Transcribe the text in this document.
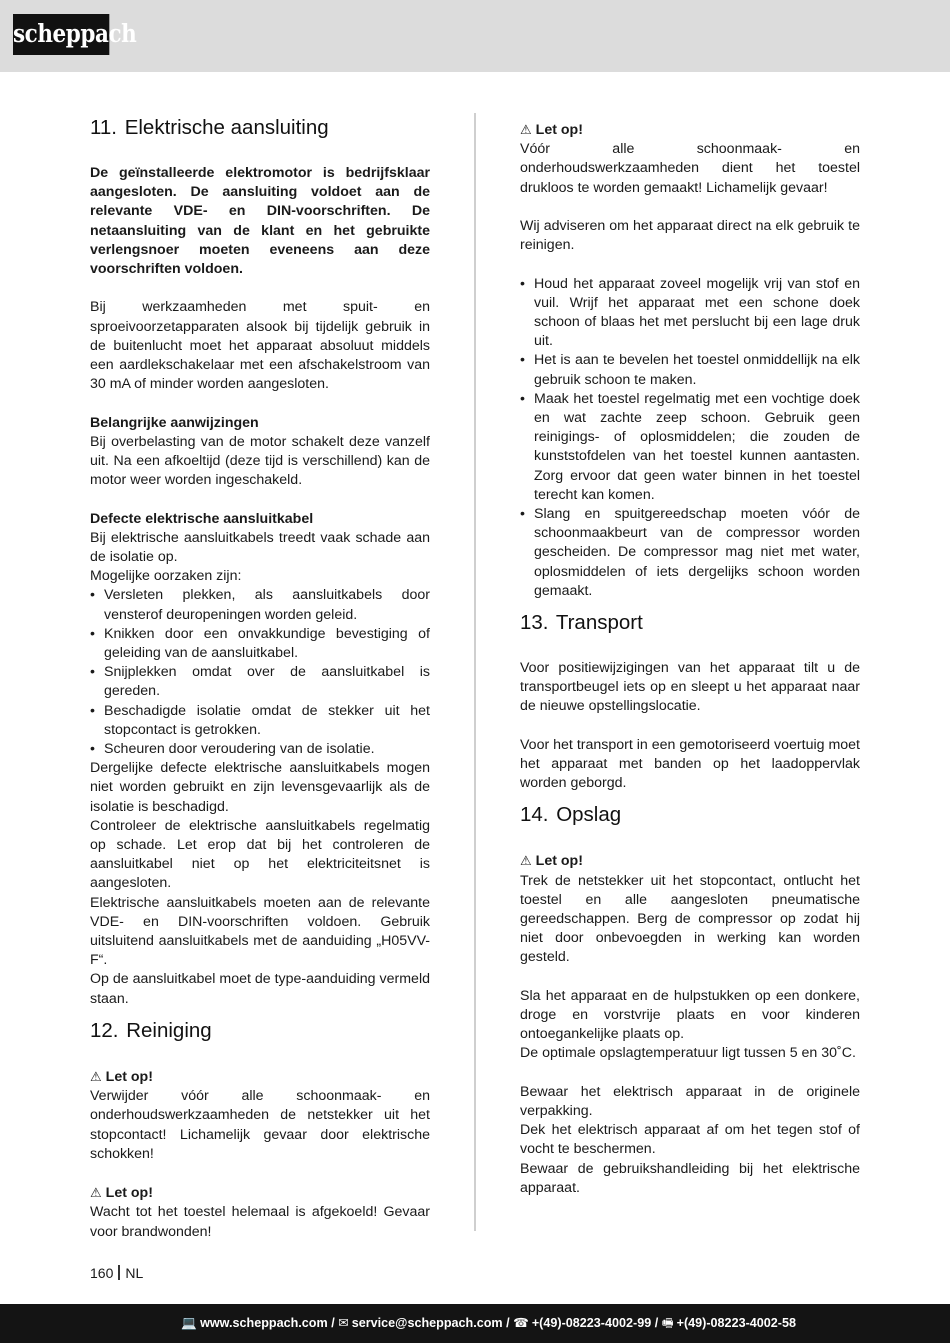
scheppach
11. Elektrische aansluiting

De geïnstalleerde elektromotor is bedrijfsklaar aangesloten. De aansluiting voldoet aan de relevante VDE- en DIN-voorschriften. De netaansluiting van de klant en het gebruikte verlengsnoer moeten eveneens aan deze voorschriften voldoen.

Bij werkzaamheden met spuit- en sproeivoorzetapparaten alsook bij tijdelijk gebruik in de buitenlucht moet het apparaat absoluut middels een aardlekschakelaar met een afschakelstroom van 30 mA of minder worden aangesloten.

Belangrijke aanwijzingen

Bij overbelasting van de motor schakelt deze vanzelf uit. Na een afkoeltijd (deze tijd is verschillend) kan de motor weer worden ingeschakeld.

Defecte elektrische aansluitkabel

Bij elektrische aansluitkabels treedt vaak schade aan de isolatie op.

Mogelijke oorzaken zijn:

• Versleten plekken, als aansluitkabels door vensterof deuropeningen worden geleid.
• Knikken door een onvakkundige bevestiging of geleiding van de aansluitkabel.
• Snijplekken omdat over de aansluitkabel is gereden.
• Beschadigde isolatie omdat de stekker uit het stopcontact is getrokken.
• Scheuren door veroudering van de isolatie.

Dergelijke defecte elektrische aansluitkabels mogen niet worden gebruikt en zijn levensgevaarlijk als de isolatie is beschadigd.

Controleer de elektrische aansluitkabels regelmatig op schade. Let erop dat bij het controleren de aansluitkabel niet op het elektriciteitsnet is aangesloten.

Elektrische aansluitkabels moeten aan de relevante VDE- en DIN-voorschriften voldoen. Gebruik uitsluitend aansluitkabels met de aanduiding „H05VV-F“.

Op de aansluitkabel moet de type-aanduiding vermeld staan.

12. Reiniging

⚠ Let op!

Verwijder vóór alle schoonmaak- en onderhoudswerkzaamheden de netstekker uit het stopcontact! Lichamelijk gevaar door elektrische schokken!

⚠ Let op!

Wacht tot het toestel helemaal is afgekoeld! Gevaar voor brandwonden!

⚠ Let op!

Vóór alle schoonmaak- en onderhoudswerkzaamheden dient het toestel drukloos te worden gemaakt! Lichamelijk gevaar!

Wij adviseren om het apparaat direct na elk gebruik te reinigen.

• Houd het apparaat zoveel mogelijk vrij van stof en vuil. Wrijf het apparaat met een schone doek schoon of blaas het met perslucht bij een lage druk uit.
• Het is aan te bevelen het toestel onmiddellijk na elk gebruik schoon te maken.
• Maak het toestel regelmatig met een vochtige doek en wat zachte zeep schoon. Gebruik geen reinigings- of oplosmiddelen; die zouden de kunststofdelen van het toestel kunnen aantasten. Zorg ervoor dat geen water binnen in het toestel terecht kan komen.
• Slang en spuitgereedschap moeten vóór de schoonmaakbeurt van de compressor worden gescheiden. De compressor mag niet met water, oplosmiddelen of iets dergelijks schoon worden gemaakt.
13. Transport

Voor positiewijzigingen van het apparaat tilt u de transportbeugel iets op en sleept u het apparaat naar de nieuwe opstellingslocatie.

Voor het transport in een gemotoriseerd voertuig moet het apparaat met banden op het laadoppervlak worden geborgd.

14. Opslag

⚠ Let op!

Trek de netstekker uit het stopcontact, ontlucht het toestel en alle aangesloten pneumatische gereedschappen. Berg de compressor op zodat hij niet door onbevoegden in werking kan worden gesteld.

Sla het apparaat en de hulpstukken op een donkere, droge en vorstvrije plaats en voor kinderen ontoegankelijke plaats op.

De optimale opslagtemperatuur ligt tussen 5 en 30˚C.

Bewaar het elektrisch apparaat in de originele verpakking.

Dek het elektrisch apparaat af om het tegen stof of vocht te beschermen.

Bewaar de gebruikshandleiding bij het elektrische apparaat.

160 NL
💻 www.scheppach.com / ✉ service@scheppach.com / ☎ +(49)-08223-4002-99 / 🖷 +(49)-08223-4002-58
